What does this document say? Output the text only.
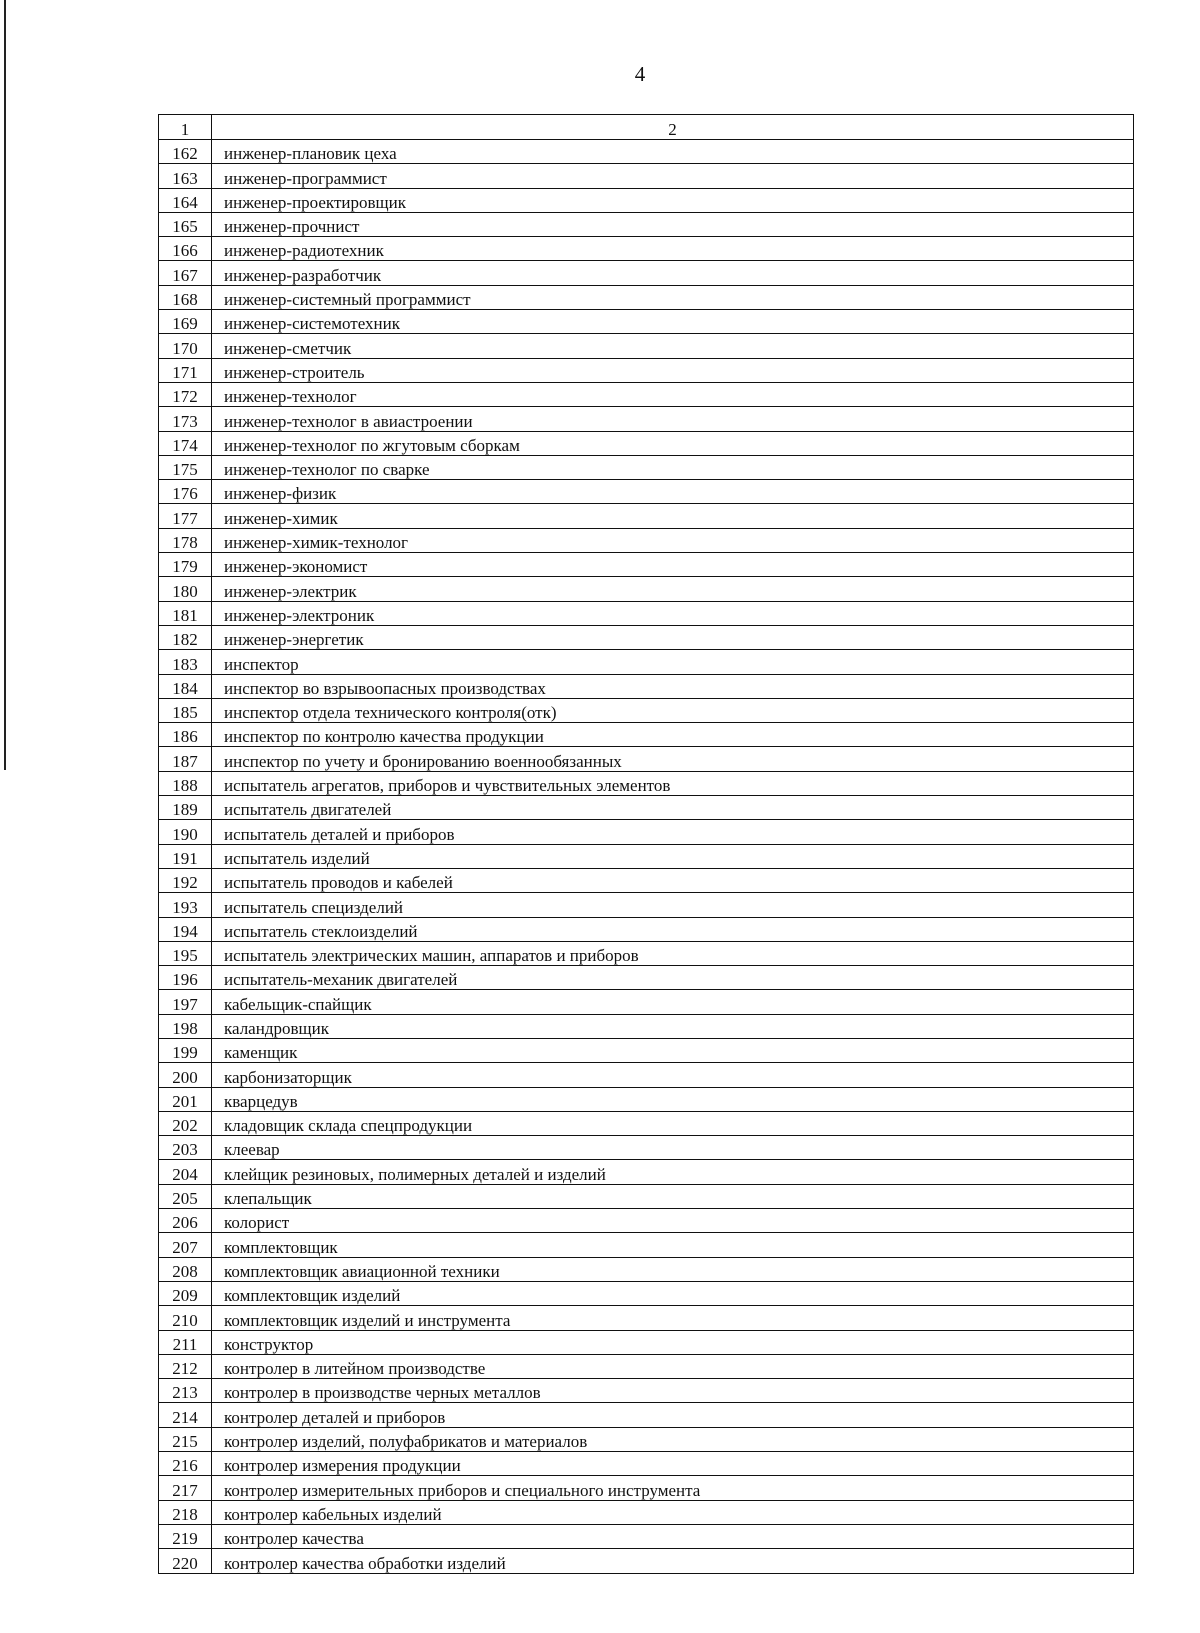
4
1	2
162	инженер-плановик цеха
163	инженер-программист
164	инженер-проектировщик
165	инженер-прочнист
166	инженер-радиотехник
167	инженер-разработчик
168	инженер-системный программист
169	инженер-системотехник
170	инженер-сметчик
171	инженер-строитель
172	инженер-технолог
173	инженер-технолог в авиастроении
174	инженер-технолог по жгутовым сборкам
175	инженер-технолог по сварке
176	инженер-физик
177	инженер-химик
178	инженер-химик-технолог
179	инженер-экономист
180	инженер-электрик
181	инженер-электроник
182	инженер-энергетик
183	инспектор
184	инспектор во взрывоопасных производствах
185	инспектор отдела технического контроля(отк)
186	инспектор по контролю качества продукции
187	инспектор по учету и бронированию военнообязанных
188	испытатель агрегатов, приборов и чувствительных элементов
189	испытатель двигателей
190	испытатель деталей и приборов
191	испытатель изделий
192	испытатель проводов и кабелей
193	испытатель специзделий
194	испытатель стеклоизделий
195	испытатель электрических машин, аппаратов и приборов
196	испытатель-механик двигателей
197	кабельщик-спайщик
198	каландровщик
199	каменщик
200	карбонизаторщик
201	кварцедув
202	кладовщик склада спецпродукции
203	клеевар
204	клейщик резиновых, полимерных деталей и изделий
205	клепальщик
206	колорист
207	комплектовщик
208	комплектовщик авиационной техники
209	комплектовщик изделий
210	комплектовщик изделий и инструмента
211	конструктор
212	контролер в литейном производстве
213	контролер в производстве черных металлов
214	контролер деталей и приборов
215	контролер изделий, полуфабрикатов и материалов
216	контролер измерения продукции
217	контролер измерительных приборов и специального инструмента
218	контролер кабельных изделий
219	контролер качества
220	контролер качества обработки изделий
